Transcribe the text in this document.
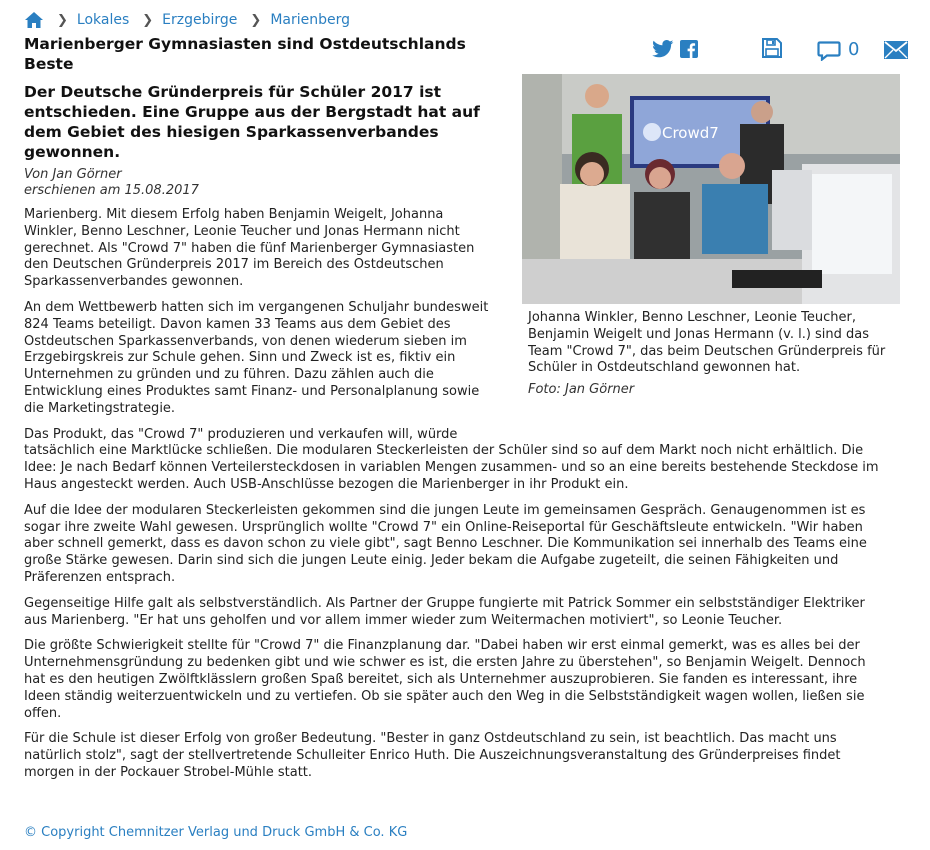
❯ Lokales ❯ Erzgebirge ❯ Marienberg
Marienberger Gymnasiasten sind Ostdeutschlands Beste
0
Der Deutsche Gründerpreis für Schüler 2017 ist entschieden. Eine Gruppe aus der Bergstadt hat auf dem Gebiet des hiesigen Sparkassenverbandes gewonnen.
Von Jan Görner
erschienen am 15.08.2017
Crowd7
Johanna Winkler, Benno Leschner, Leonie Teucher, Benjamin Weigelt und Jonas Hermann (v. l.) sind das Team "Crowd 7", das beim Deutschen Gründerpreis für Schüler in Ostdeutschland gewonnen hat.
Foto: Jan Görner

Marienberg. Mit diesem Erfolg haben Benjamin Weigelt, Johanna Winkler, Benno Leschner, Leonie Teucher und Jonas Hermann nicht gerechnet. Als "Crowd 7" haben die fünf Marienberger Gymnasiasten den Deutschen Gründerpreis 2017 im Bereich des Ostdeutschen Sparkassenverbandes gewonnen.

An dem Wettbewerb hatten sich im vergangenen Schuljahr bundesweit 824 Teams beteiligt. Davon kamen 33 Teams aus dem Gebiet des Ostdeutschen Sparkassenverbands, von denen wiederum sieben im Erzgebirgskreis zur Schule gehen. Sinn und Zweck ist es, fiktiv ein Unternehmen zu gründen und zu führen. Dazu zählen auch die Entwicklung eines Produktes samt Finanz- und Personalplanung sowie die Marketingstrategie.

Das Produkt, das "Crowd 7" produzieren und verkaufen will, würde tatsächlich eine Marktlücke schließen. Die modularen Steckerleisten der Schüler sind so auf dem Markt noch nicht erhältlich. Die Idee: Je nach Bedarf können Verteilersteckdosen in variablen Mengen zusammen- und so an eine bereits bestehende Steckdose im Haus angesteckt werden. Auch USB-Anschlüsse bezogen die Marienberger in ihr Produkt ein.

Auf die Idee der modularen Steckerleisten gekommen sind die jungen Leute im gemeinsamen Gespräch. Genaugenommen ist es sogar ihre zweite Wahl gewesen. Ursprünglich wollte "Crowd 7" ein Online-Reiseportal für Geschäftsleute entwickeln. "Wir haben aber schnell gemerkt, dass es davon schon zu viele gibt", sagt Benno Leschner. Die Kommunikation sei innerhalb des Teams eine große Stärke gewesen. Darin sind sich die jungen Leute einig. Jeder bekam die Aufgabe zugeteilt, die seinen Fähigkeiten und Präferenzen entsprach.

Gegenseitige Hilfe galt als selbstverständlich. Als Partner der Gruppe fungierte mit Patrick Sommer ein selbstständiger Elektriker aus Marienberg. "Er hat uns geholfen und vor allem immer wieder zum Weitermachen motiviert", so Leonie Teucher.

Die größte Schwierigkeit stellte für "Crowd 7" die Finanzplanung dar. "Dabei haben wir erst einmal gemerkt, was es alles bei der Unternehmensgründung zu bedenken gibt und wie schwer es ist, die ersten Jahre zu überstehen", so Benjamin Weigelt. Dennoch hat es den heutigen Zwölftklässlern großen Spaß bereitet, sich als Unternehmer auszuprobieren. Sie fanden es interessant, ihre Ideen ständig weiterzuentwickeln und zu vertiefen. Ob sie später auch den Weg in die Selbstständigkeit wagen wollen, ließen sie offen.

Für die Schule ist dieser Erfolg von großer Bedeutung. "Bester in ganz Ostdeutschland zu sein, ist beachtlich. Das macht uns natürlich stolz", sagt der stellvertretende Schulleiter Enrico Huth. Die Auszeichnungsveranstaltung des Gründerpreises findet morgen in der Pockauer Strobel-Mühle statt.

© Copyright Chemnitzer Verlag und Druck GmbH & Co. KG
